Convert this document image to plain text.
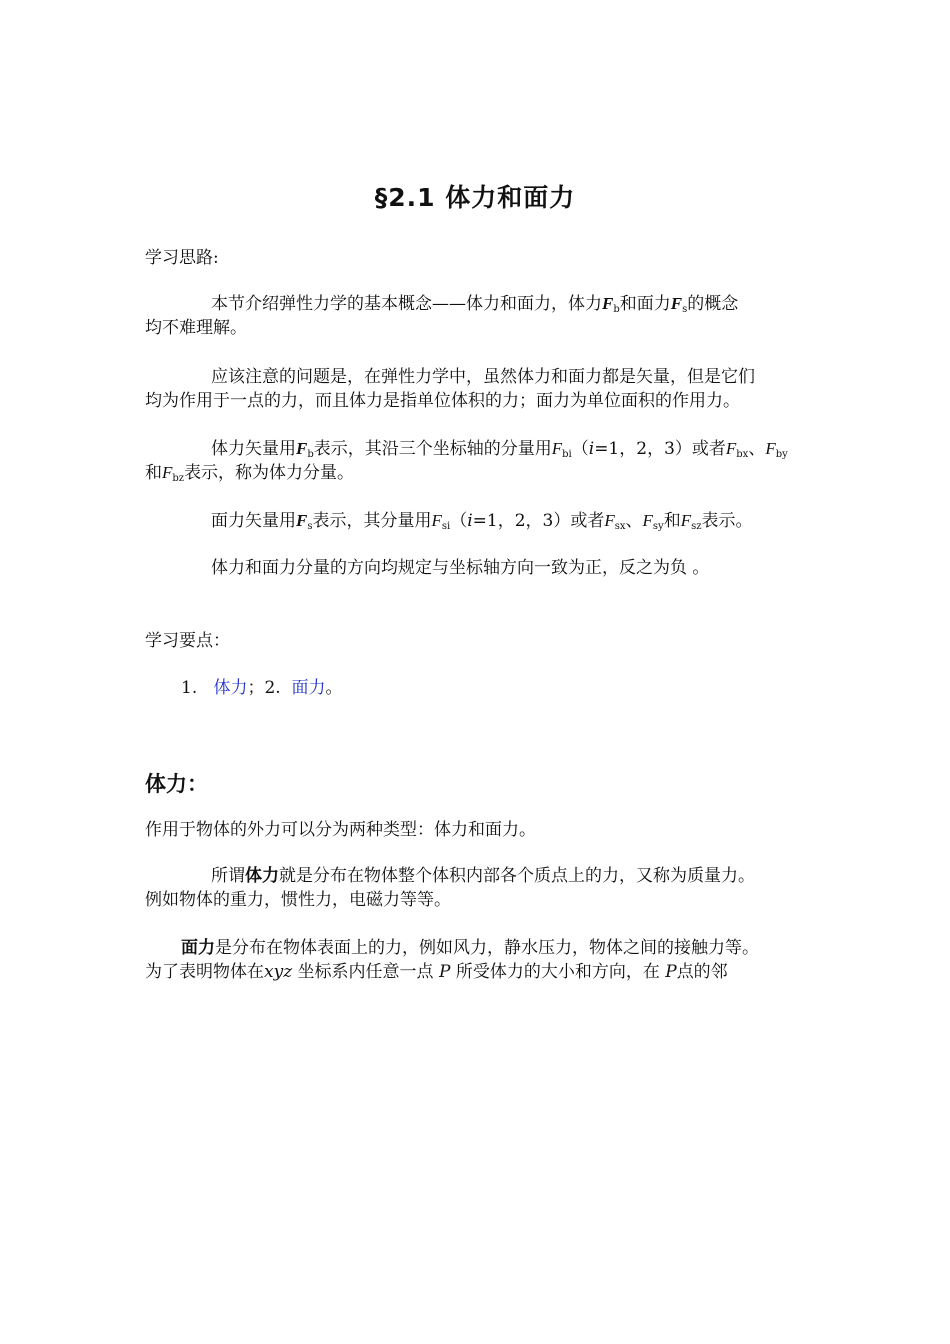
§2.1 体力和面力
学习思路:
本节介绍弹性力学的基本概念——体力和面力，体力$F_b$和面力$F_s$的概念
均不难理解。
应该注意的问题是，在弹性力学中，虽然体力和面力都是矢量，但是它们
均为作用于一点的力，而且体力是指单位体积的力；面力为单位面积的作用力。
体力矢量用$F_b$表示，其沿三个坐标轴的分量用$F_{bi}(i=1$，2，3）或者$F_{bx}$、$F_{by}$
和$F_{bz}$表示，称为体力分量。
面力矢量用$F_s$表示，其分量用$F_{si}(i=1$，2，3）或者$F_{sx}$、$F_{sy}$和$F_{sz}$表示。
体力和面力分量的方向均规定与坐标轴方向一致为正，反之为负 。
学习要点：
1. 体力；2. 面力。
体力：
作用于物体的外力可以分为两种类型：体力和面力。
所谓体力就是分布在物体整个体积内部各个质点上的力，又称为质量力。
例如物体的重力，惯性力，电磁力等等。
面力是分布在物体表面上的力，例如风力，静水压力，物体之间的接触力等。
为了表明物体在xyz 坐标系内任意一点 P 所受体力的大小和方向，在 P点的邻
